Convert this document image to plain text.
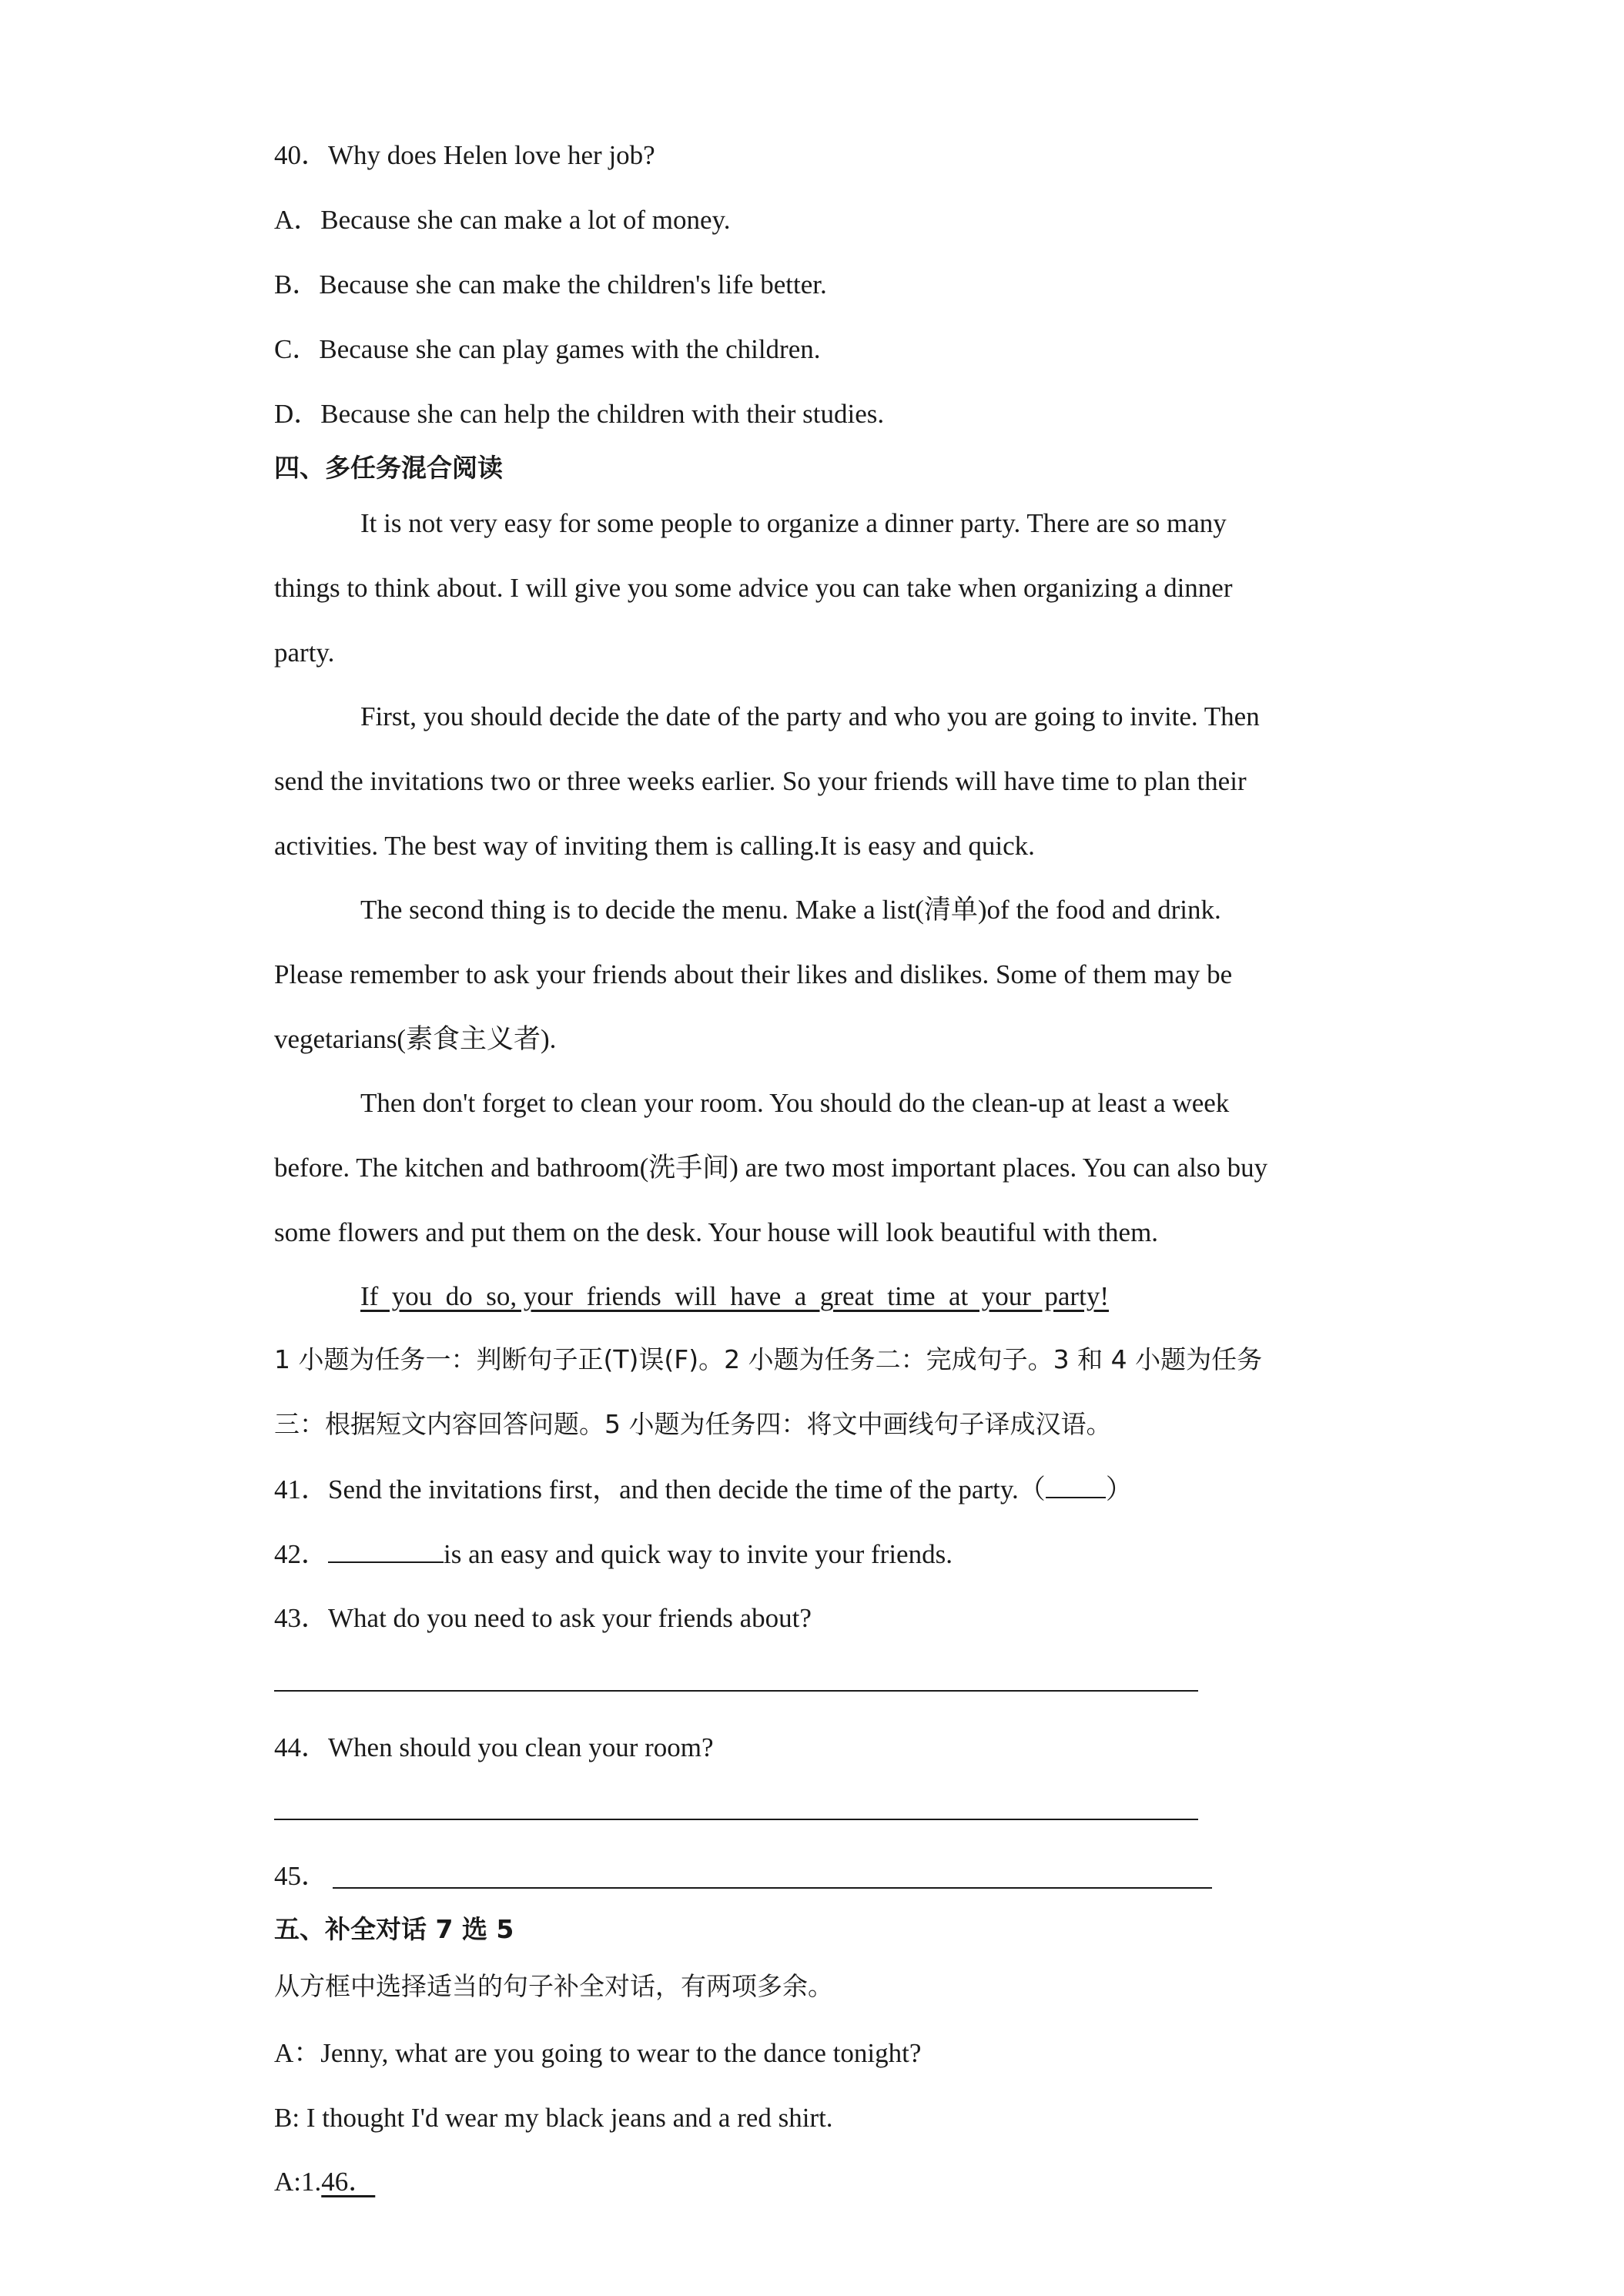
40．Why does Helen love her job?
A．Because she can make a lot of money.
B．Because she can make the children's life better.
C．Because she can play games with the children.
D．Because she can help the children with their studies.
四、多任务混合阅读
It is not very easy for some people to organize a dinner party. There are so many
things to think about. I will give you some advice you can take when organizing a dinner
party.
First, you should decide the date of the party and who you are going to invite. Then
send the invitations two or three weeks earlier. So your friends will have time to plan their
activities. The best way of inviting them is calling.It is easy and quick.
The second thing is to decide the menu. Make a list(清单)of the food and drink.
Please remember to ask your friends about their likes and dislikes. Some of them may be
vegetarians(素食主义者).
Then don't forget to clean your room. You should do the clean-up at least a week
before. The kitchen and bathroom(洗手间) are two most important places. You can also buy
some flowers and put them on the desk. Your house will look beautiful with them.
If  you  do  so, your  friends  will  have  a  great  time  at  your  party!
1 小题为任务一：判断句子正(T)误(F)。2 小题为任务二：完成句子。3 和 4 小题为任务
三：根据短文内容回答问题。5 小题为任务四：将文中画线句子译成汉语。
41．Send the invitations first，and then decide the time of the party.（ ）
42．	is an easy and quick way to invite your friends.
43．What do you need to ask your friends about?
44．When should you clean your room?
45．
五、补全对话 7 选 5
从方框中选择适当的句子补全对话，有两项多余。
A：Jenny, what are you going to wear to the dance tonight?
B: I thought I'd wear my black jeans and a red shirt.
A:1.46．
